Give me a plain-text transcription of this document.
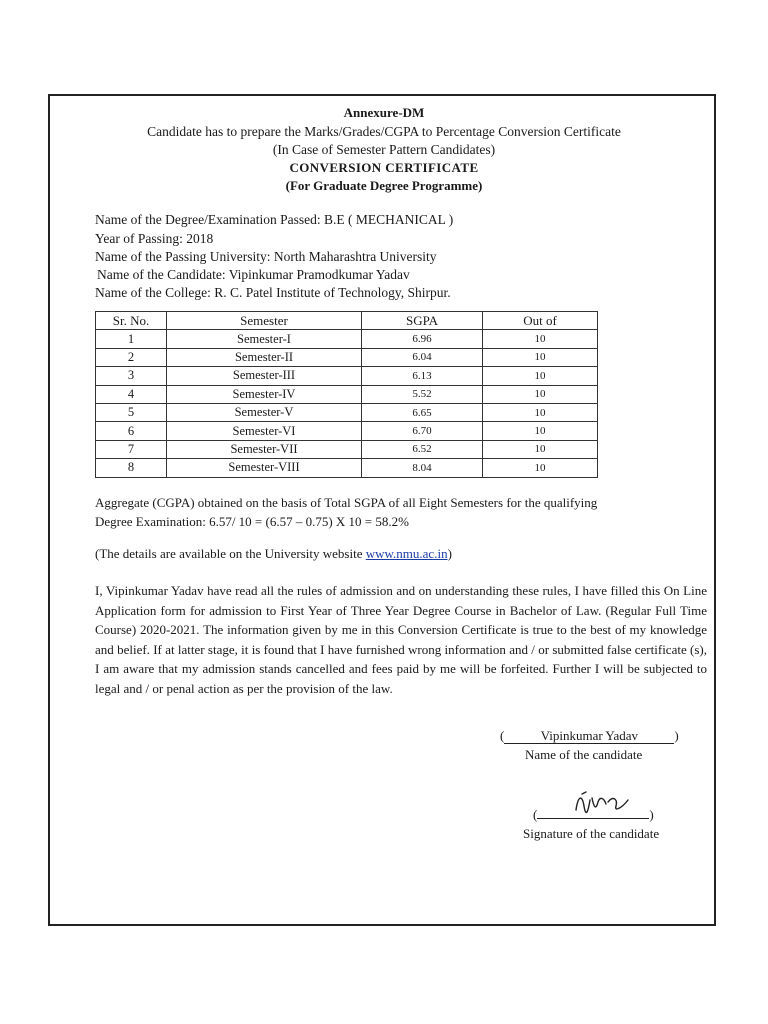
Annexure-DM
Candidate has to prepare the Marks/Grades/CGPA to Percentage Conversion Certificate
(In Case of Semester Pattern Candidates)
CONVERSION CERTIFICATE
(For Graduate Degree Programme)
Name of the Degree/Examination Passed: B.E ( MECHANICAL )
Year of Passing: 2018
Name of the Passing University: North Maharashtra University
Name of the Candidate: Vipinkumar Pramodkumar Yadav
Name of the College: R. C. Patel Institute of Technology, Shirpur.
Sr. No.	Semester	SGPA	Out of
1	Semester-I	6.96	10
2	Semester-II	6.04	10
3	Semester-III	6.13	10
4	Semester-IV	5.52	10
5	Semester-V	6.65	10
6	Semester-VI	6.70	10
7	Semester-VII	6.52	10
8	Semester-VIII	8.04	10
Aggregate (CGPA) obtained on the basis of Total SGPA of all Eight Semesters for the qualifying
Degree Examination: 6.57/ 10 = (6.57 – 0.75) X 10 = 58.2%
(The details are available on the University website www.nmu.ac.in)
I, Vipinkumar Yadav have read all the rules of admission and on understanding these rules, I have filled this On Line Application form for admission to First Year of Three Year Degree Course in Bachelor of Law. (Regular Full Time Course) 2020-2021. The information given by me in this Conversion Certificate is true to the best of my knowledge and belief. If at latter stage, it is found that I have furnished wrong information and / or submitted false certificate (s), I am aware that my admission stands cancelled and fees paid by me will be forfeited. Further I will be subjected to legal and / or penal action as per the provision of the law.
(	Vipinkumar Yadav	)
Name of the candidate
(	)
Signature of the candidate
